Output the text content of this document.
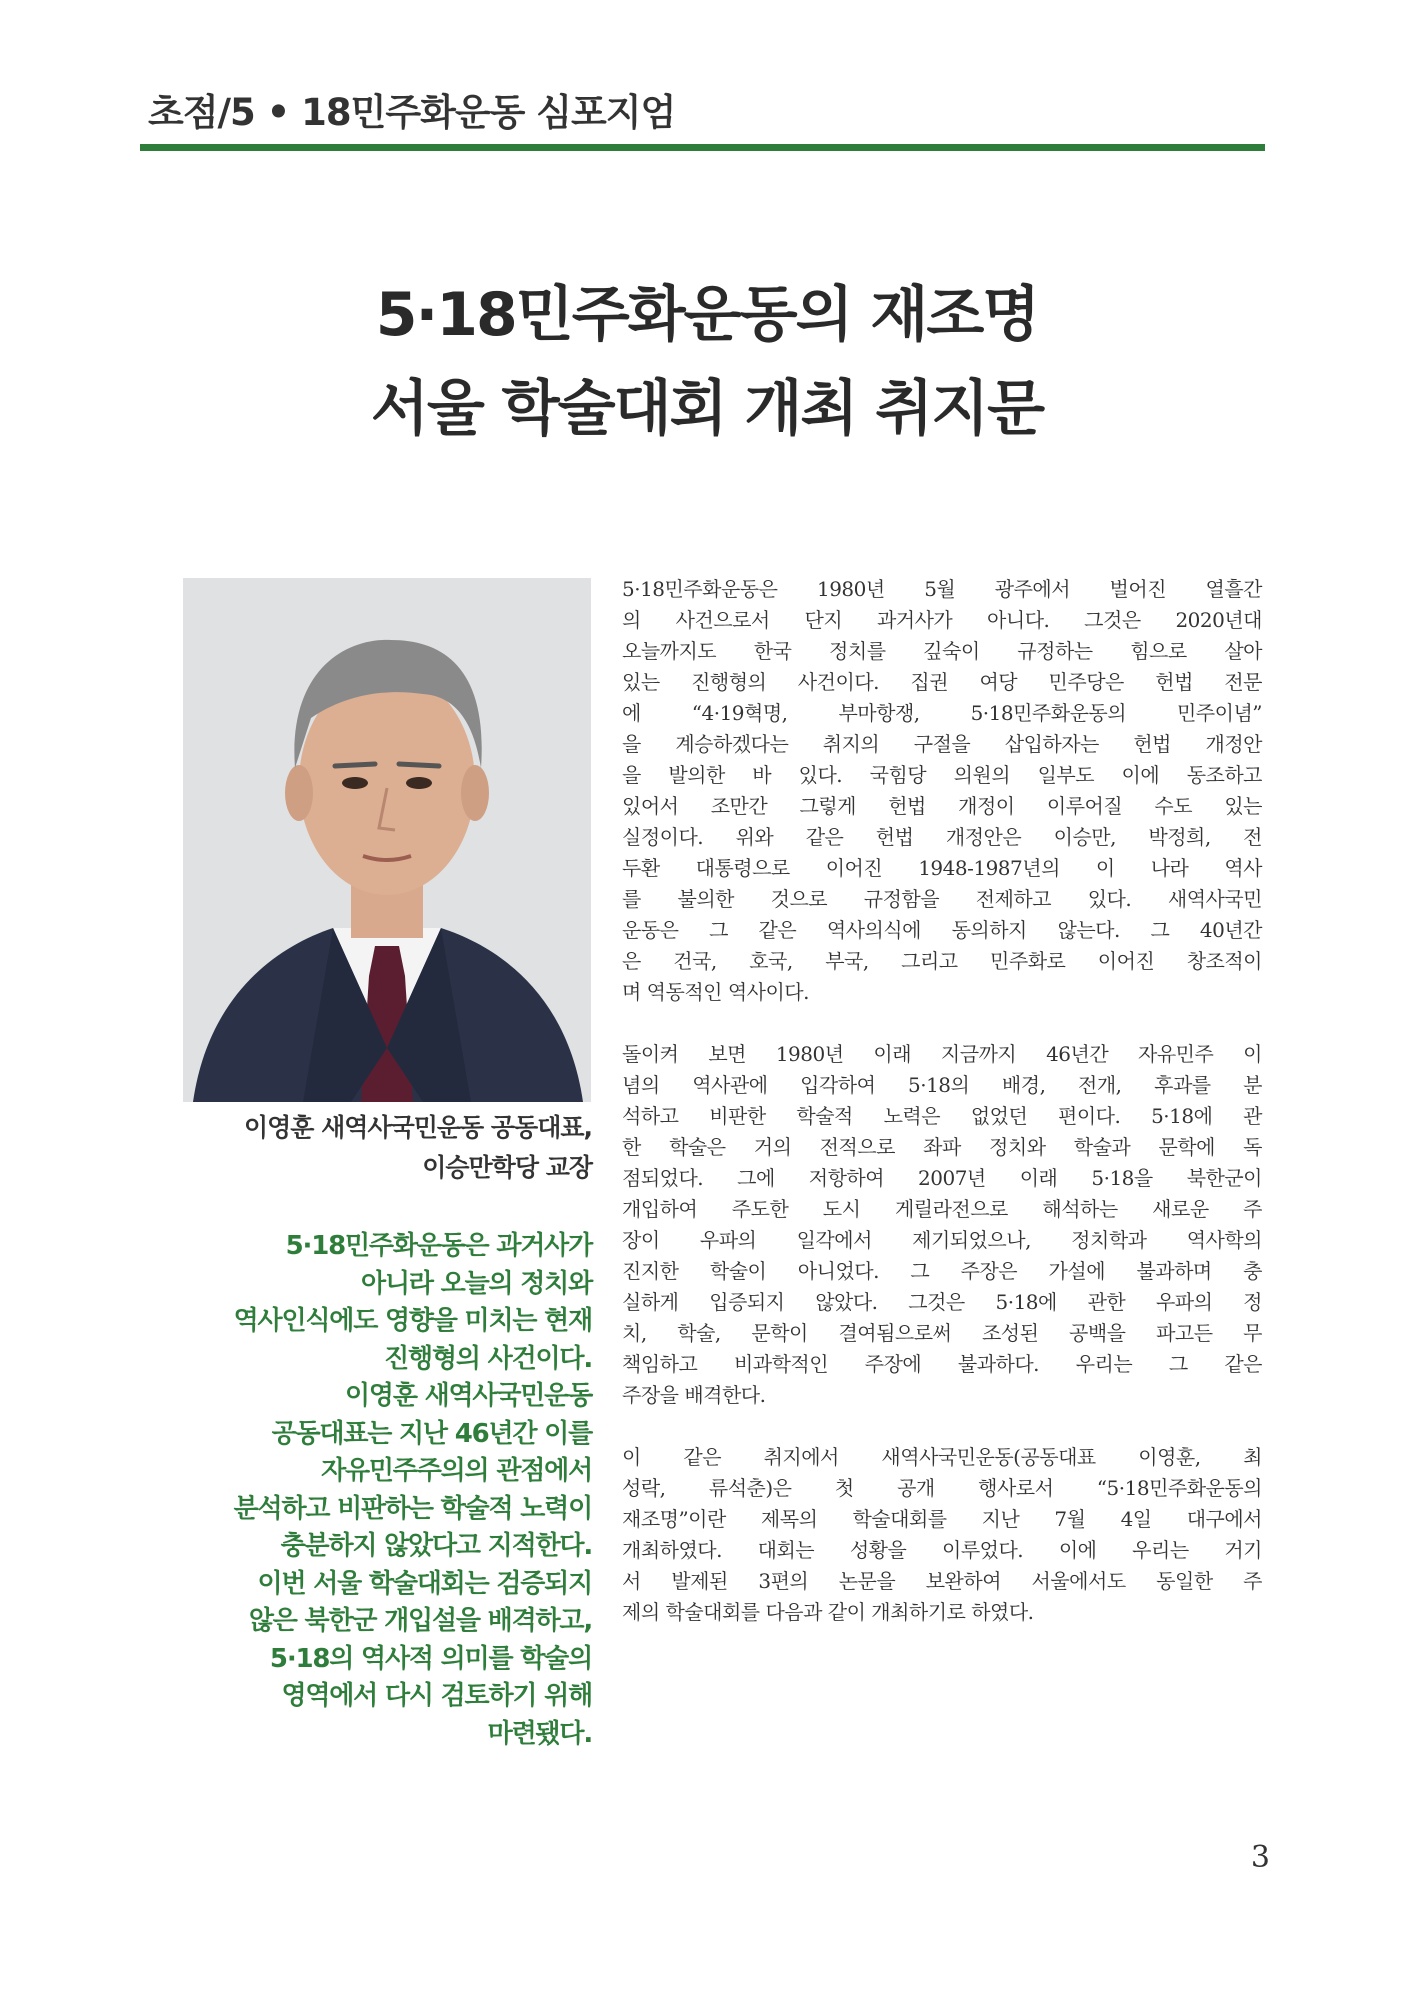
초점/5 • 18민주화운동 심포지엄
5·18민주화운동의 재조명
서울 학술대회 개최 취지문
이영훈 새역사국민운동 공동대표,
이승만학당 교장
5·18민주화운동은 과거사가
아니라 오늘의 정치와
역사인식에도 영향을 미치는 현재
진행형의 사건이다.
이영훈 새역사국민운동
공동대표는 지난 46년간 이를
자유민주주의의 관점에서
분석하고 비판하는 학술적 노력이
충분하지 않았다고 지적한다.
이번 서울 학술대회는 검증되지
않은 북한군 개입설을 배격하고,
5·18의 역사적 의미를 학술의
영역에서 다시 검토하기 위해
마련됐다.
5·18민주화운동은 1980년 5월 광주에서 벌어진 열흘간
의 사건으로서 단지 과거사가 아니다. 그것은 2020년대
오늘까지도 한국 정치를 깊숙이 규정하는 힘으로 살아
있는 진행형의 사건이다. 집권 여당 민주당은 헌법 전문
에 “4·19혁명, 부마항쟁, 5·18민주화운동의 민주이념”
을 계승하겠다는 취지의 구절을 삽입하자는 헌법 개정안
을 발의한 바 있다. 국힘당 의원의 일부도 이에 동조하고
있어서 조만간 그렇게 헌법 개정이 이루어질 수도 있는
실정이다. 위와 같은 헌법 개정안은 이승만, 박정희, 전
두환 대통령으로 이어진 1948-1987년의 이 나라 역사
를 불의한 것으로 규정함을 전제하고 있다. 새역사국민
운동은 그 같은 역사의식에 동의하지 않는다. 그 40년간
은 건국, 호국, 부국, 그리고 민주화로 이어진 창조적이
며 역동적인 역사이다.
돌이켜 보면 1980년 이래 지금까지 46년간 자유민주 이
념의 역사관에 입각하여 5·18의 배경, 전개, 후과를 분
석하고 비판한 학술적 노력은 없었던 편이다. 5·18에 관
한 학술은 거의 전적으로 좌파 정치와 학술과 문학에 독
점되었다. 그에 저항하여 2007년 이래 5·18을 북한군이
개입하여 주도한 도시 게릴라전으로 해석하는 새로운 주
장이 우파의 일각에서 제기되었으나, 정치학과 역사학의
진지한 학술이 아니었다. 그 주장은 가설에 불과하며 충
실하게 입증되지 않았다. 그것은 5·18에 관한 우파의 정
치, 학술, 문학이 결여됨으로써 조성된 공백을 파고든 무
책임하고 비과학적인 주장에 불과하다. 우리는 그 같은
주장을 배격한다.
이 같은 취지에서 새역사국민운동(공동대표 이영훈, 최
성락, 류석춘)은 첫 공개 행사로서 “5·18민주화운동의
재조명”이란 제목의 학술대회를 지난 7월 4일 대구에서
개최하였다. 대회는 성황을 이루었다. 이에 우리는 거기
서 발제된 3편의 논문을 보완하여 서울에서도 동일한 주
제의 학술대회를 다음과 같이 개최하기로 하였다.
3
